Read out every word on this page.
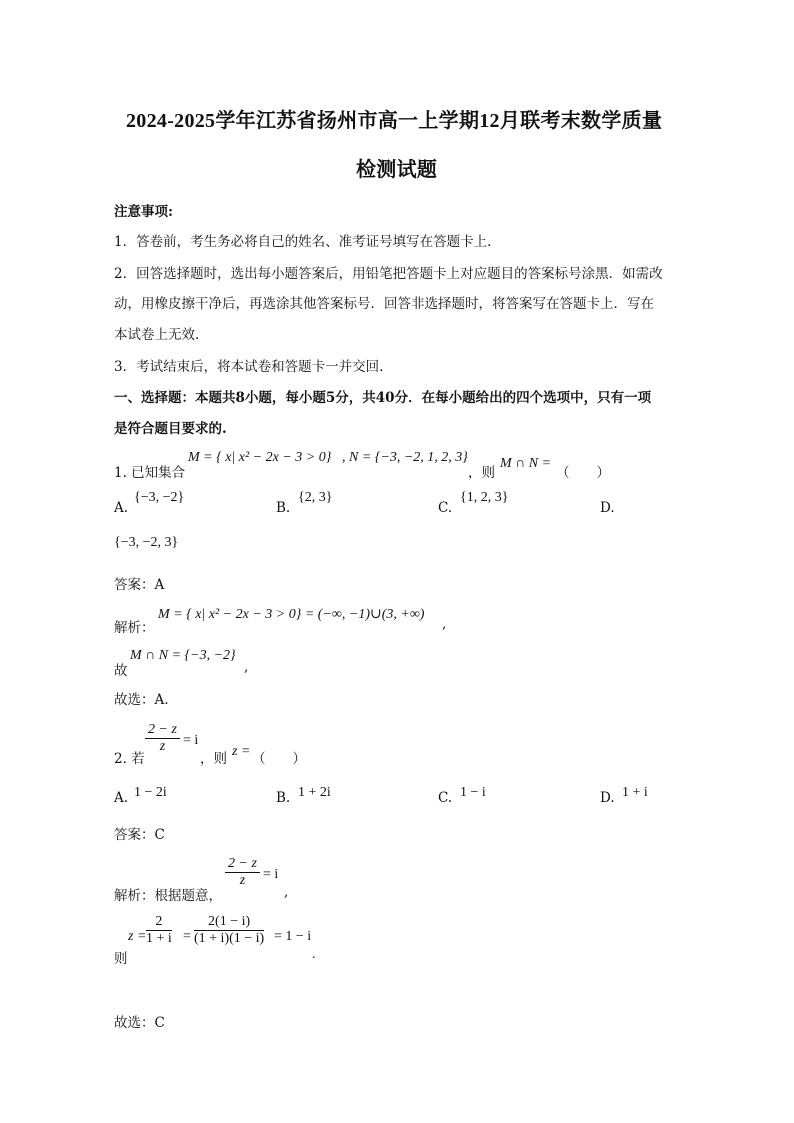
2024-2025学年江苏省扬州市高一上学期12月联考末数学质量
检测试题
注意事项:
1．答卷前，考生务必将自己的姓名、准考证号填写在答题卡上.
2．回答选择题时，选出每小题答案后，用铅笔把答题卡上对应题目的答案标号涂黑．如需改
动，用橡皮擦干净后，再选涂其他答案标号．回答非选择题时，将答案写在答题卡上．写在
本试卷上无效.
3．考试结束后，将本试卷和答题卡一并交回.
一、选择题：本题共8小题，每小题5分，共40分．在每小题给出的四个选项中，只有一项
是符合题目要求的.
1. 已知集合
M = { x| x² − 2x − 3 > 0} , N = {−3, −2, 1, 2, 3}
，则
M ∩ N =
（　　）
A.
{−3, −2}
B.
{2, 3}
C.
{1, 2, 3}
D.
{−3, −2, 3}
答案：A
解析：
M = { x| x² − 2x − 3 > 0} = (−∞, −1)∪(3, +∞)
,
故
M ∩ N = {−3, −2}
,
故选：A.
2. 若
$\frac{2 - z}{z} = i$
，则 z = （　　）
A. 1 − 2i	B. 1 + 2i	C. 1 − i	D. 1 + i
答案：C
解析：根据题意，
$\frac{2 - z}{z} = i$
,
则
$z = \frac{2}{1 + i} = \frac{2(1 - i)}{(1 + i)(1 - i)} = 1 - i$
.
故选：C
